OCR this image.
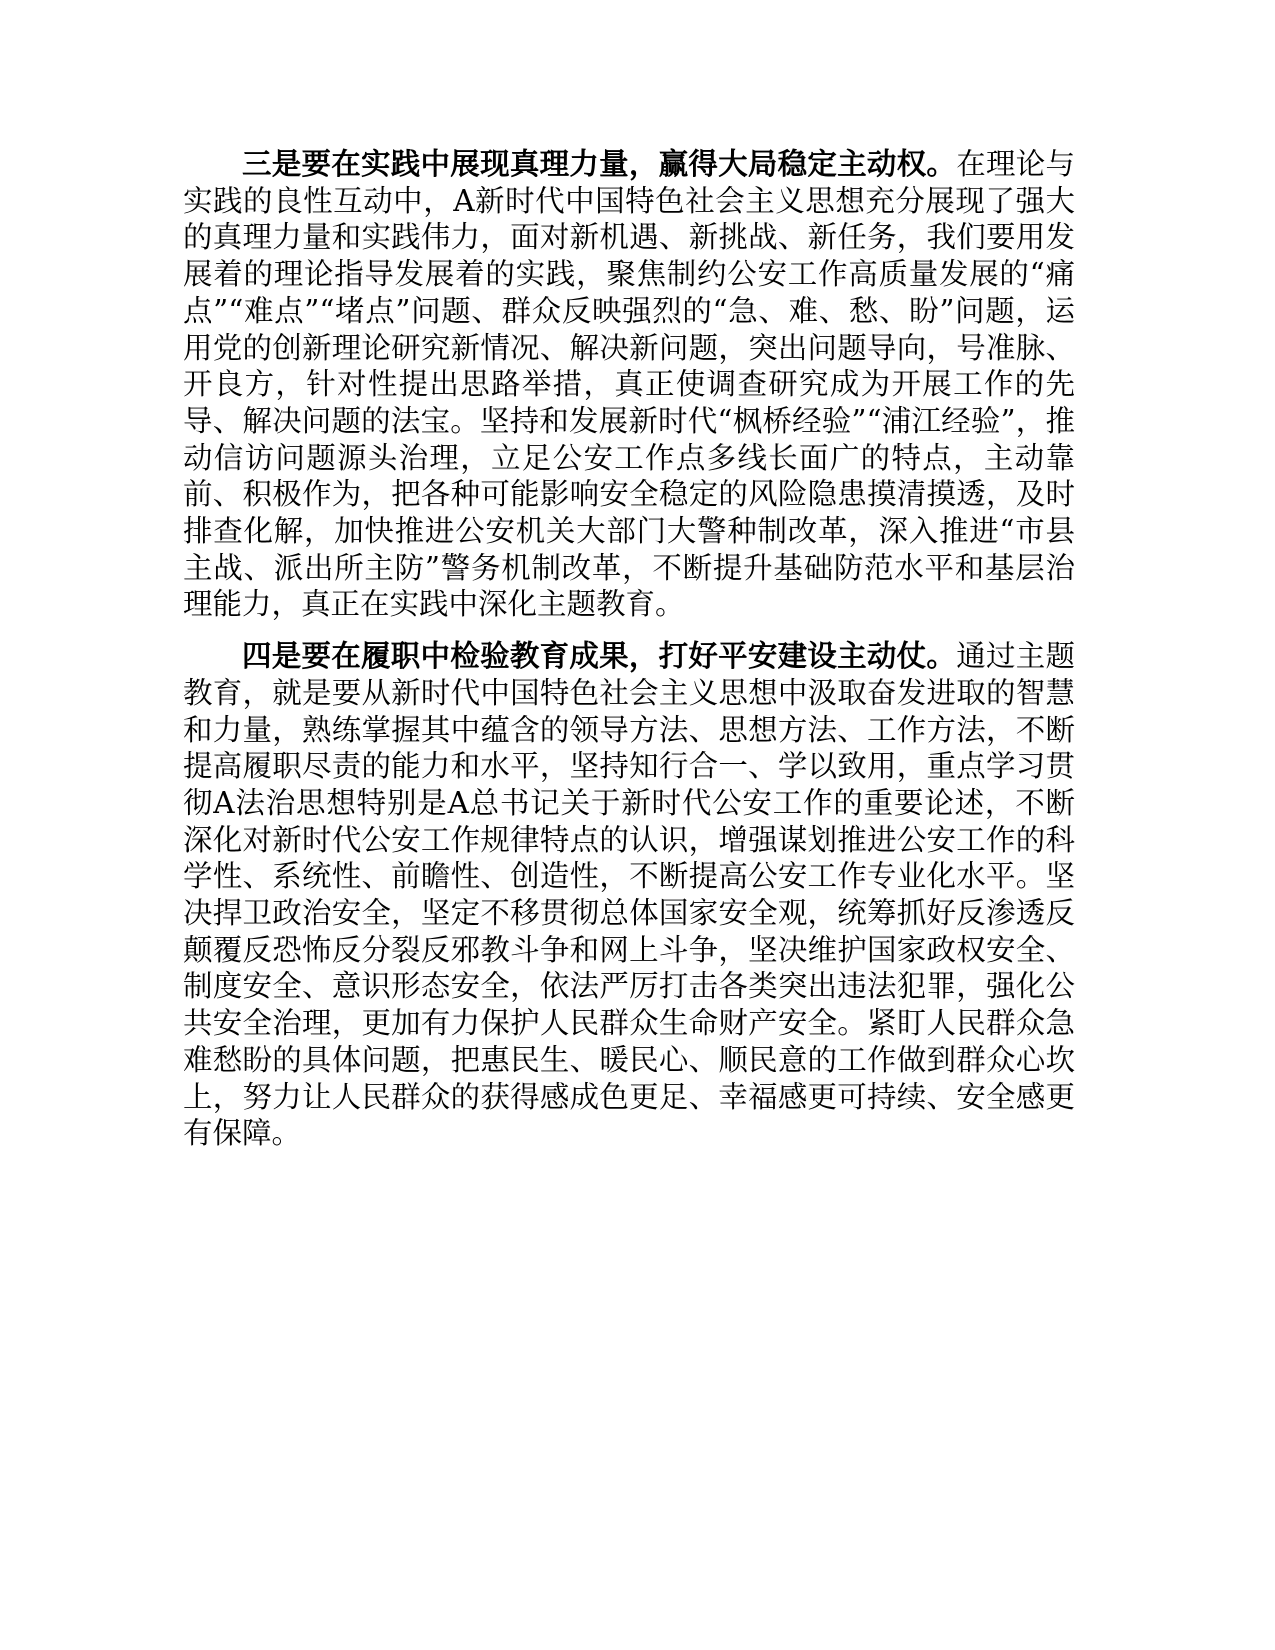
三是要在实践中展现真理力量，赢得大局稳定主动权。在理论与实践的良性互动中，A新时代中国特色社会主义思想充分展现了强大的真理力量和实践伟力，面对新机遇、新挑战、新任务，我们要用发展着的理论指导发展着的实践，聚焦制约公安工作高质量发展的“痛点”“难点”“堵点”问题、群众反映强烈的“急、难、愁、盼”问题，运用党的创新理论研究新情况、解决新问题，突出问题导向，号准脉、开良方，针对性提出思路举措，真正使调查研究成为开展工作的先导、解决问题的法宝。坚持和发展新时代“枫桥经验”“浦江经验”，推动信访问题源头治理，立足公安工作点多线长面广的特点，主动靠前、积极作为，把各种可能影响安全稳定的风险隐患摸清摸透，及时排查化解，加快推进公安机关大部门大警种制改革，深入推进“市县主战、派出所主防”警务机制改革，不断提升基础防范水平和基层治理能力，真正在实践中深化主题教育。

四是要在履职中检验教育成果，打好平安建设主动仗。通过主题教育，就是要从新时代中国特色社会主义思想中汲取奋发进取的智慧和力量，熟练掌握其中蕴含的领导方法、思想方法、工作方法，不断提高履职尽责的能力和水平，坚持知行合一、学以致用，重点学习贯彻A法治思想特别是A总书记关于新时代公安工作的重要论述，不断深化对新时代公安工作规律特点的认识，增强谋划推进公安工作的科学性、系统性、前瞻性、创造性，不断提高公安工作专业化水平。坚决捍卫政治安全，坚定不移贯彻总体国家安全观，统筹抓好反渗透反颠覆反恐怖反分裂反邪教斗争和网上斗争，坚决维护国家政权安全、制度安全、意识形态安全，依法严厉打击各类突出违法犯罪，强化公共安全治理，更加有力保护人民群众生命财产安全。紧盯人民群众急难愁盼的具体问题，把惠民生、暖民心、顺民意的工作做到群众心坎上，努力让人民群众的获得感成色更足、幸福感更可持续、安全感更有保障。
